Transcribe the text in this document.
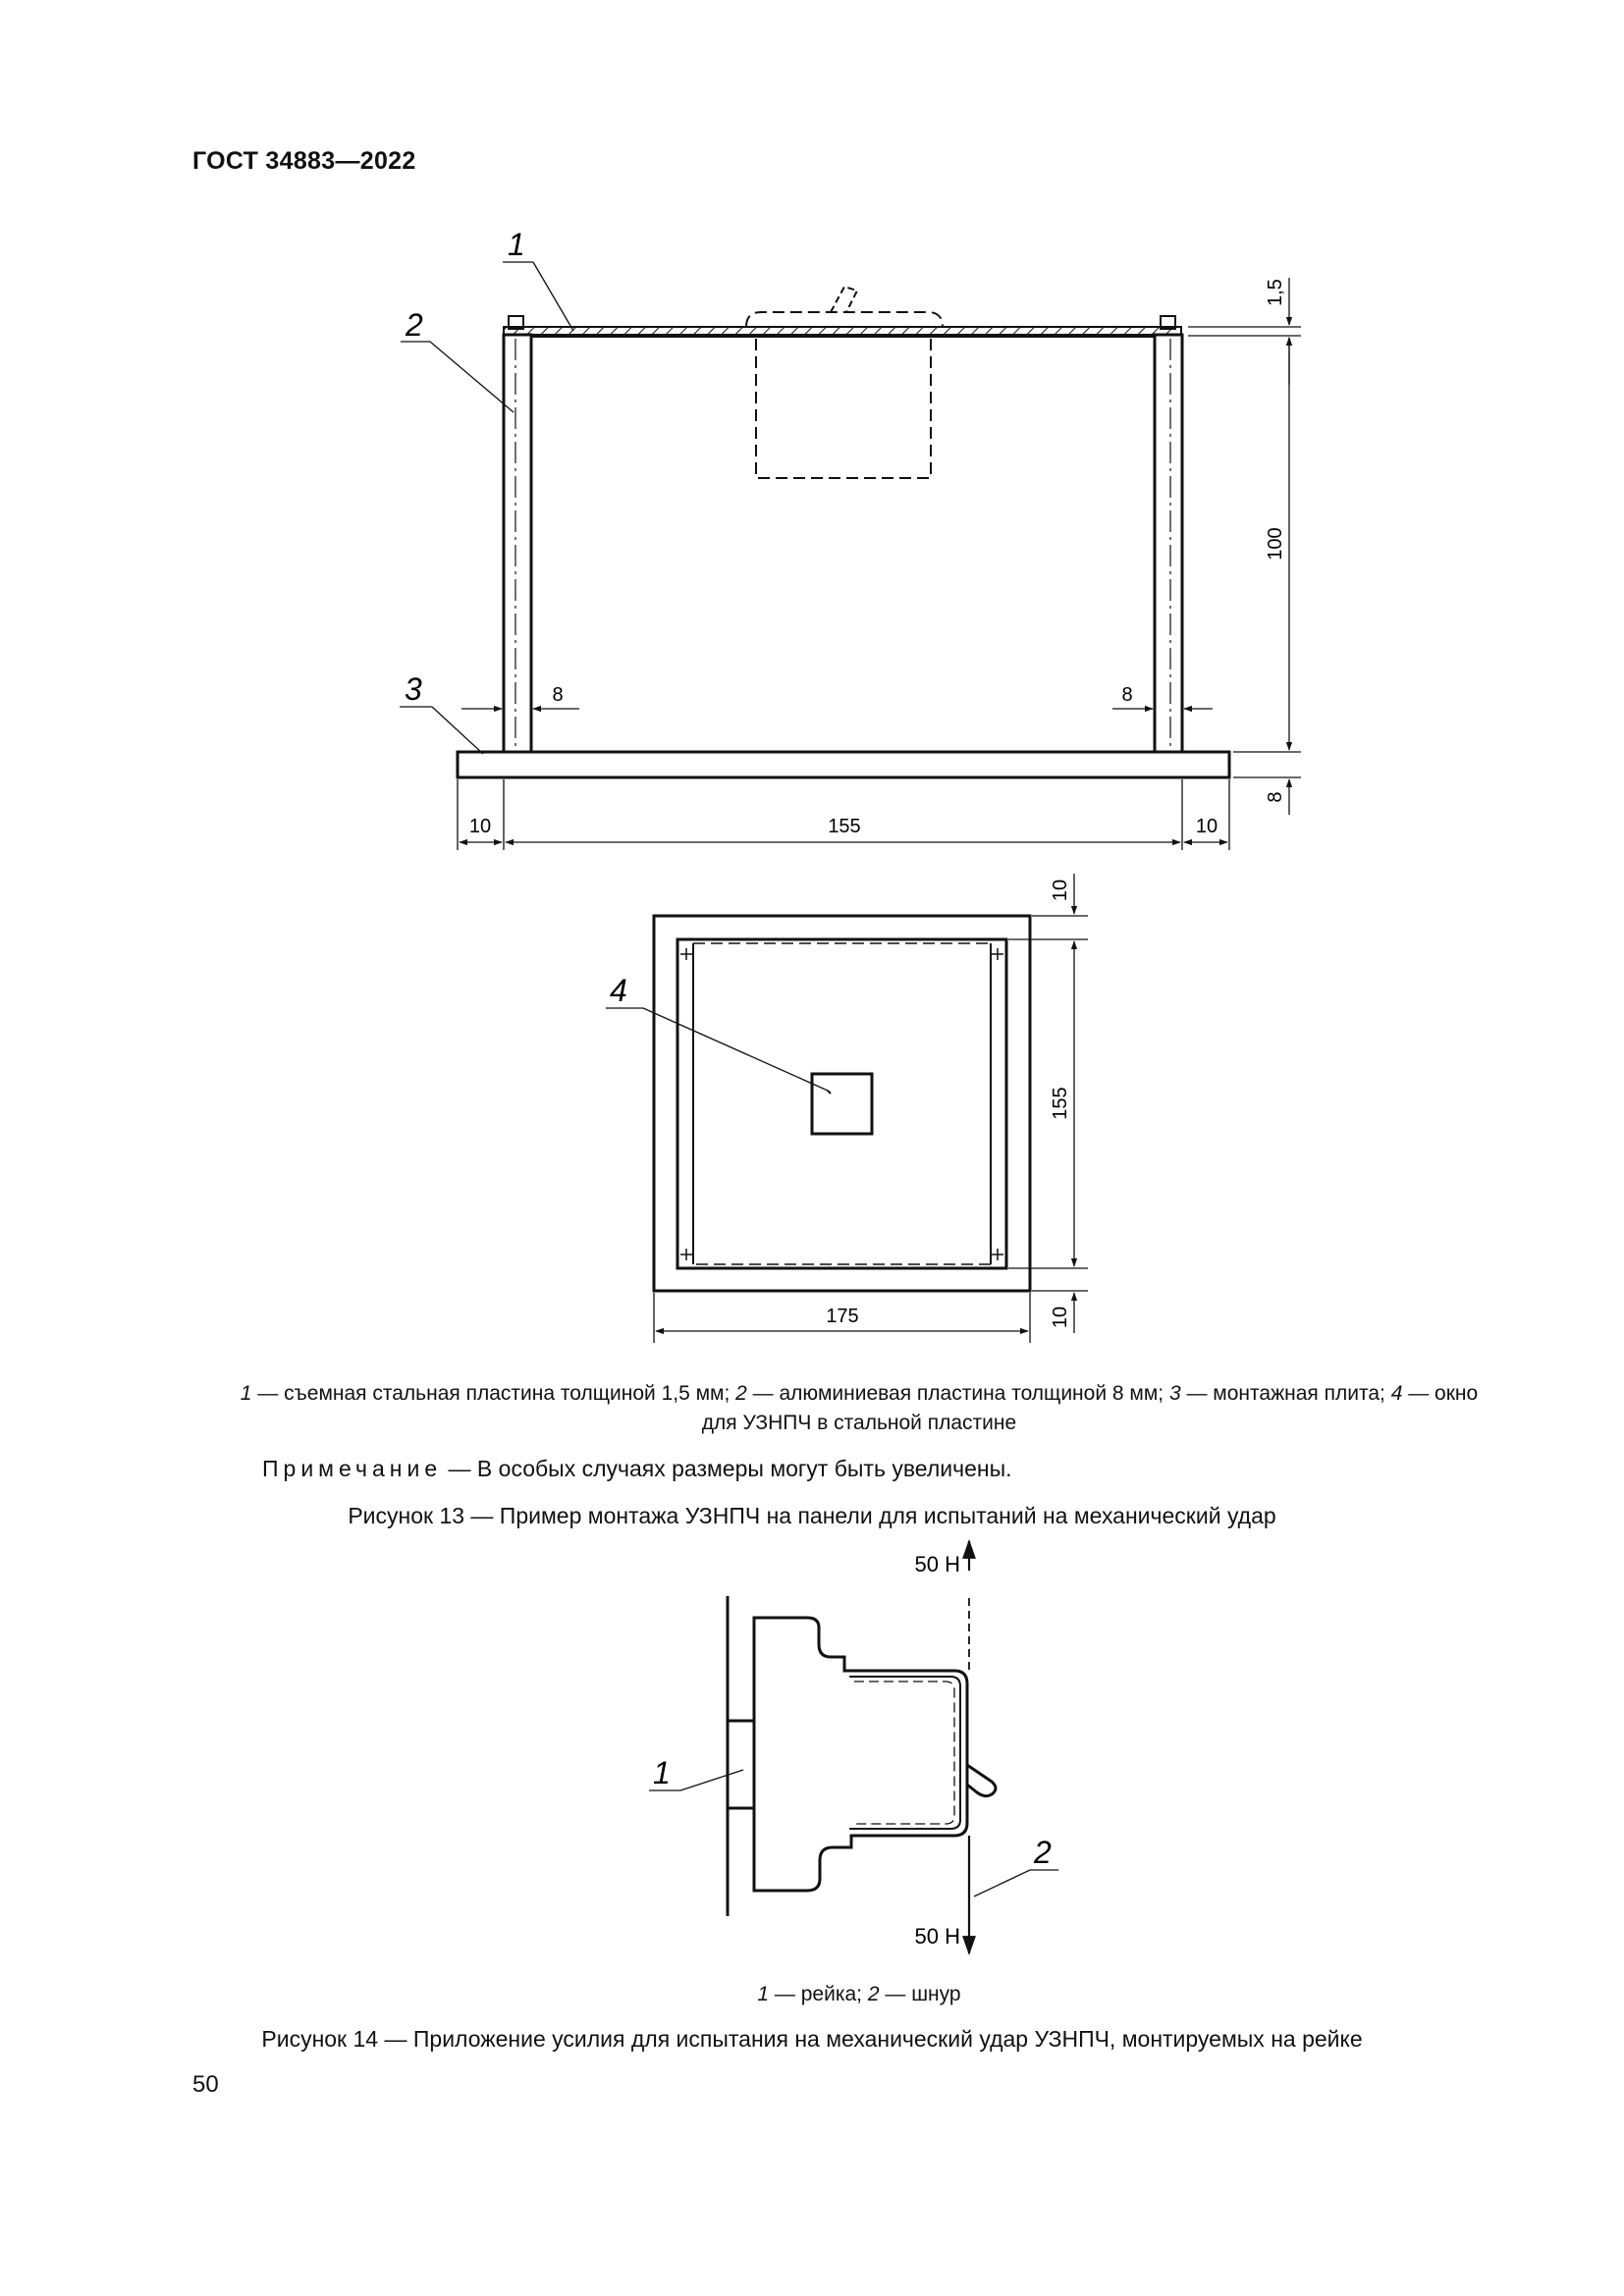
ГОСТ 34883—2022
1,5
100
8
8	8
10	155	10
1
2
3
4
10
155
10
175
1 — съемная стальная пластина толщиной 1,5 мм; 2 — алюминиевая пластина толщиной 8 мм; 3 — монтажная плита; 4 — окно
для УЗНПЧ в стальной пластине
Примечание — В особых случаях размеры могут быть увеличены.
Рисунок 13 — Пример монтажа УЗНПЧ на панели для испытаний на механический удар
50 Н
50 Н
1
2
1 — рейка; 2 — шнур
Рисунок 14 — Приложение усилия для испытания на механический удар УЗНПЧ, монтируемых на рейке
50
